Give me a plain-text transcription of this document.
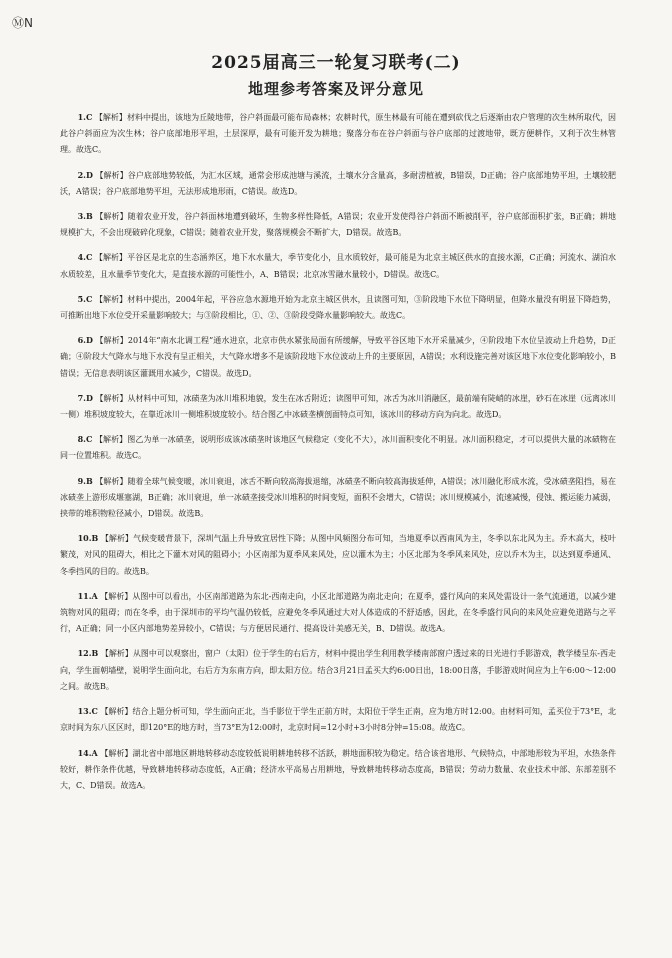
ⓂN
2025届高三一轮复习联考(二)
地理参考答案及评分意见

1.C 【解析】材料中提出，该地为丘陵地带，谷户斜面最可能布局森林；农耕时代，原生林最有可能在遭到砍伐之后逐渐由农户管理的次生林所取代，因此谷户斜面应为次生林；谷户底部地形平坦，土层深厚，最有可能开发为耕地；聚落分布在谷户斜面与谷户底部的过渡地带，既方便耕作，又利于次生林管理。故选C。

2.D 【解析】谷户底部地势较低，为汇水区域，通常会形成池塘与溪流，土壤水分含量高，多耐涝植被，B错误，D正确；谷户底部地势平坦，土壤较肥沃，A错误；谷户底部地势平坦，无法形成地形雨，C错误。故选D。

3.B 【解析】随着农业开发，谷户斜面林地遭到破坏，生物多样性降低，A错误；农业开发使得谷户斜面不断被削平，谷户底部面积扩张，B正确；耕地规模扩大，不会出现破碎化现象，C错误；随着农业开发，聚落规模会不断扩大，D错误。故选B。

4.C 【解析】平谷区是北京的生态涵养区，地下水水量大，季节变化小，且水质较好，最可能是为北京主城区供水的直接水源，C正确；河流水、湖泊水水质较差，且水量季节变化大，是直接水源的可能性小，A、B错误；北京冰雪融水量较小，D错误。故选C。

5.C 【解析】材料中提出，2004年起，平谷应急水源地开始为北京主城区供水，且读图可知，③阶段地下水位下降明显，但降水量没有明显下降趋势，可推断出地下水位受开采量影响较大；与③阶段相比，①、②、③阶段受降水量影响较大。故选C。

6.D 【解析】2014年“南水北调工程”通水进京，北京市供水紧张局面有所缓解，导致平谷区地下水开采量减少，④阶段地下水位呈波动上升趋势，D正确；④阶段大气降水与地下水没有呈正相关，大气降水增多不是该阶段地下水位波动上升的主要原因，A错误；水利设施完善对该区地下水位变化影响较小，B错误；无信息表明该区灌溉用水减少，C错误。故选D。

7.D 【解析】从材料中可知，冰碛垄为冰川堆积地貌，发生在冰舌附近；读图甲可知，冰舌为冰川消融区，最前端有陡峭的冰崖，砂石在冰崖（远离冰川一侧）堆积坡度较大，在靠近冰川一侧堆积坡度较小。结合图乙中冰碛垄横剖面特点可知，该冰川的移动方向为向北。故选D。

8.C 【解析】图乙为单一冰碛垄，说明形成该冰碛垄时该地区气候稳定（变化不大），冰川面积变化不明显。冰川面积稳定，才可以提供大量的冰碛物在同一位置堆积。故选C。

9.B 【解析】随着全球气候变暖，冰川衰退，冰舌不断向较高海拔退缩，冰碛垄不断向较高海拔延伸，A错误；冰川融化形成水流，受冰碛垄阻挡，易在冰碛垄上游形成堰塞湖，B正确；冰川衰退，单一冰碛垄接受冰川堆积的时间变短，面积不会增大，C错误；冰川规模减小，流速减慢，侵蚀、搬运能力减弱，挟带的堆积物粒径减小，D错误。故选B。

10.B 【解析】气候变暖背景下，深圳气温上升导致宜居性下降；从图中风频图分布可知，当地夏季以西南风为主，冬季以东北风为主。乔木高大，枝叶繁茂，对风的阻碍大，相比之下灌木对风的阻碍小；小区南部为夏季风来风处，应以灌木为主；小区北部为冬季风来风处，应以乔木为主，以达到夏季通风、冬季挡风的目的。故选B。

11.A 【解析】从图中可以看出，小区南部道路为东北-西南走向，小区北部道路为南北走向；在夏季，盛行风向的来风处需设计一条气流通道，以减少建筑物对风的阻碍；而在冬季，由于深圳市的平均气温仍较低，应避免冬季风通过大对人体造成的不舒适感，因此，在冬季盛行风向的来风处应避免道路与之平行，A正确；同一小区内部地势差异较小，C错误；与方便居民通行、提高设计美感无关，B、D错误。故选A。

12.B 【解析】从图中可以观察出，窗户（太阳）位于学生的右后方，材料中提出学生利用教学楼南部窗户透过来的日光进行手影游戏，教学楼呈东-西走向，学生面朝墙壁，说明学生面向北，右后方为东南方向，即太阳方位。结合3月21日孟买大约6:00日出，18:00日落，手影游戏时间应为上午6:00～12:00之间。故选B。

13.C 【解析】结合上题分析可知，学生面向正北，当手影位于学生正前方时，太阳位于学生正南，应为地方时12:00。由材料可知，孟买位于73°E，北京时间为东八区区时，即120°E的地方时，当73°E为12:00时，北京时间=12小时+3小时8分钟=15:08。故选C。

14.A 【解析】湖北省中部地区耕地转移动态度较低说明耕地转移不活跃，耕地面积较为稳定。结合该省地形、气候特点，中部地形较为平坦，水热条件较好，耕作条件优越，导致耕地转移动态度低，A正确；经济水平高易占用耕地，导致耕地转移动态度高，B错误；劳动力数量、农业技术中部、东部差别不大，C、D错误。故选A。
